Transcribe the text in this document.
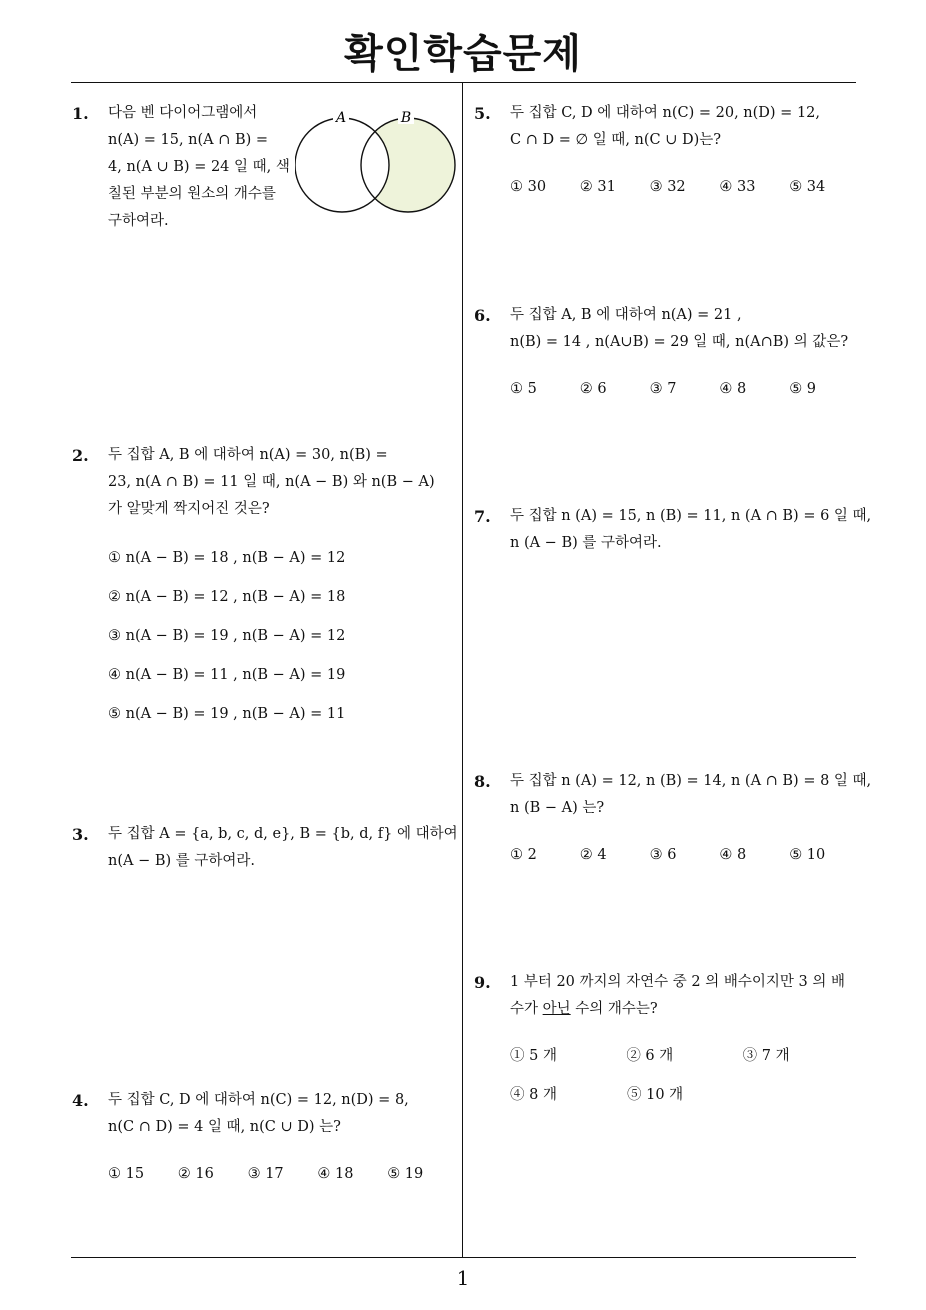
확인학습문제
1. 다음 벤 다이어그램에서
n(A) = 15, n(A ∩ B) =
4, n(A ∪ B) = 24 일 때, 색
칠된 부분의 원소의 개수를
구하여라.
A	B
2. 두 집합 A, B 에 대하여 n(A) = 30, n(B) =
23, n(A ∩ B) = 11 일 때, n(A − B) 와 n(B − A)
가 알맞게 짝지어진 것은?
① n(A − B) = 18 , n(B − A) = 12
② n(A − B) = 12 , n(B − A) = 18
③ n(A − B) = 19 , n(B − A) = 12
④ n(A − B) = 11 , n(B − A) = 19
⑤ n(A − B) = 19 , n(B − A) = 11
3. 두 집합 A = {a, b, c, d, e}, B = {b, d, f} 에 대하여
n(A − B) 를 구하여라.
4. 두 집합 C, D 에 대하여 n(C) = 12, n(D) = 8,
n(C ∩ D) = 4 일 때, n(C ∪ D) 는?
① 15	② 16	③ 17	④ 18	⑤ 19
5. 두 집합 C, D 에 대하여 n(C) = 20, n(D) = 12,
C ∩ D = ∅ 일 때, n(C ∪ D)는?
① 30	② 31	③ 32	④ 33	⑤ 34
6. 두 집합 A, B 에 대하여 n(A) = 21 ,
n(B) = 14 , n(A∪B) = 29 일 때, n(A∩B) 의 값은?
① 5	② 6	③ 7	④ 8	⑤ 9
7. 두 집합 n (A) = 15, n (B) = 11, n (A ∩ B) = 6 일 때,
n (A − B) 를 구하여라.
8. 두 집합 n (A) = 12, n (B) = 14, n (A ∩ B) = 8 일 때,
n (B − A) 는?
① 2	② 4	③ 6	④ 8	⑤ 10
9. 1 부터 20 까지의 자연수 중 2 의 배수이지만 3 의 배
수가 아닌 수의 개수는?
① 5 개	② 6 개	③ 7 개
④ 8 개	⑤ 10 개
1
